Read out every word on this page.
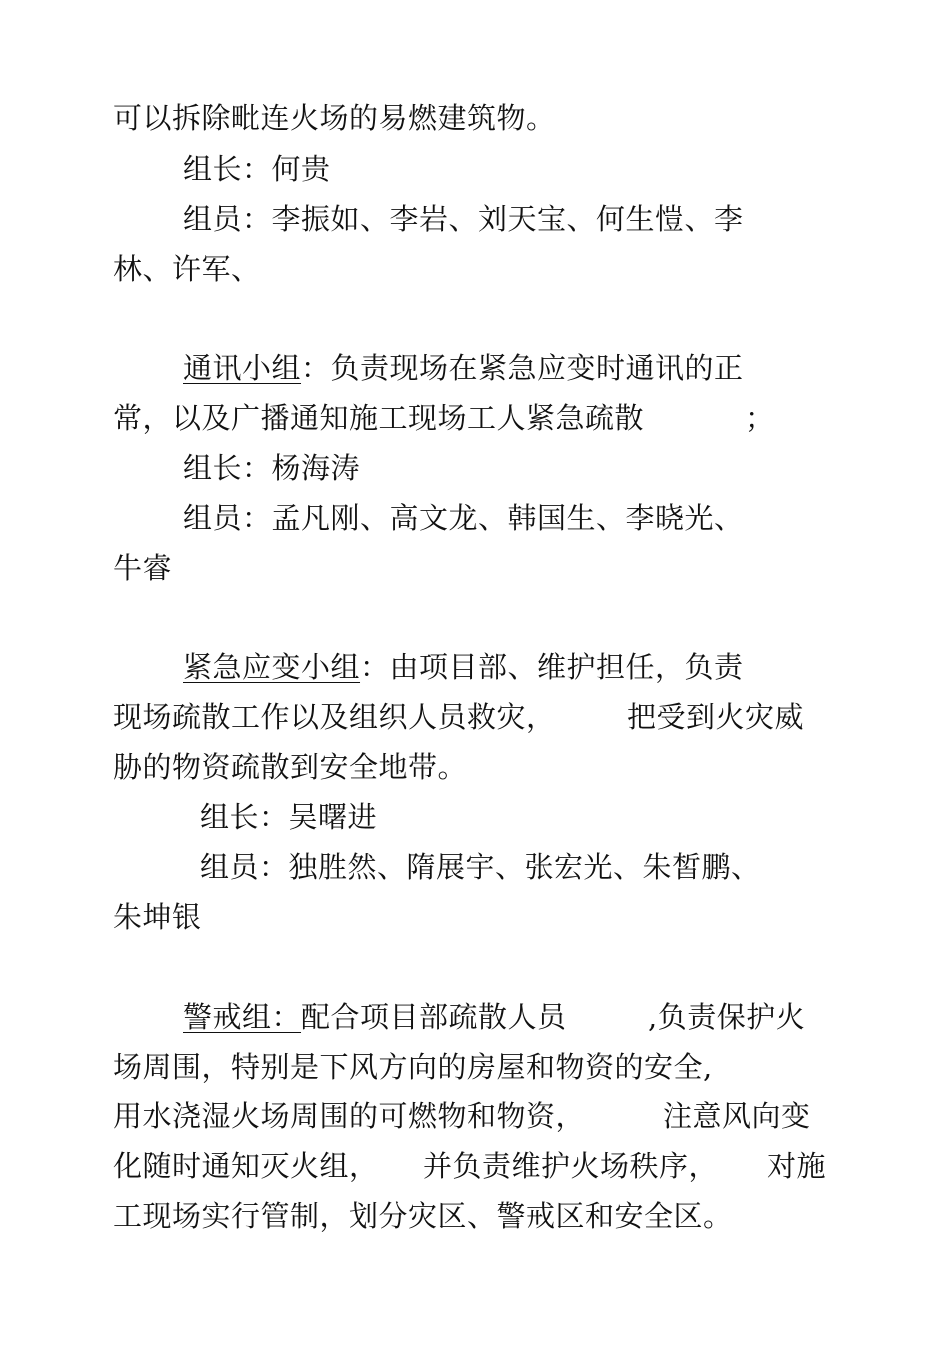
可以拆除毗连火场的易燃建筑物。
组长：何贵
组员：李振如、李岩、刘天宝、何生愷、李
林、许军、
通讯小组：负责现场在紧急应变时通讯的正
常，以及广播通知施工现场工人紧急疏散	；
组长：杨海涛
组员：孟凡刚、高文龙、韩国生、李晓光、
牛睿
紧急应变小组：由项目部、维护担任，负责
现场疏散工作以及组织人员救灾， 把受到火灾威
胁的物资疏散到安全地带。
组长：吴曙进
组员：独胜然、隋展宇、张宏光、朱皙鹏、
朱坤银
警戒组：配合项目部疏散人员	,负责保护火
场周围，特别是下风方向的房屋和物资的安全,
用水浇湿火场周围的可燃物和物资，	注意风向变
化随时通知灭火组， 并负责维护火场秩序， 对施
工现场实行管制，划分灾区、警戒区和安全区。
